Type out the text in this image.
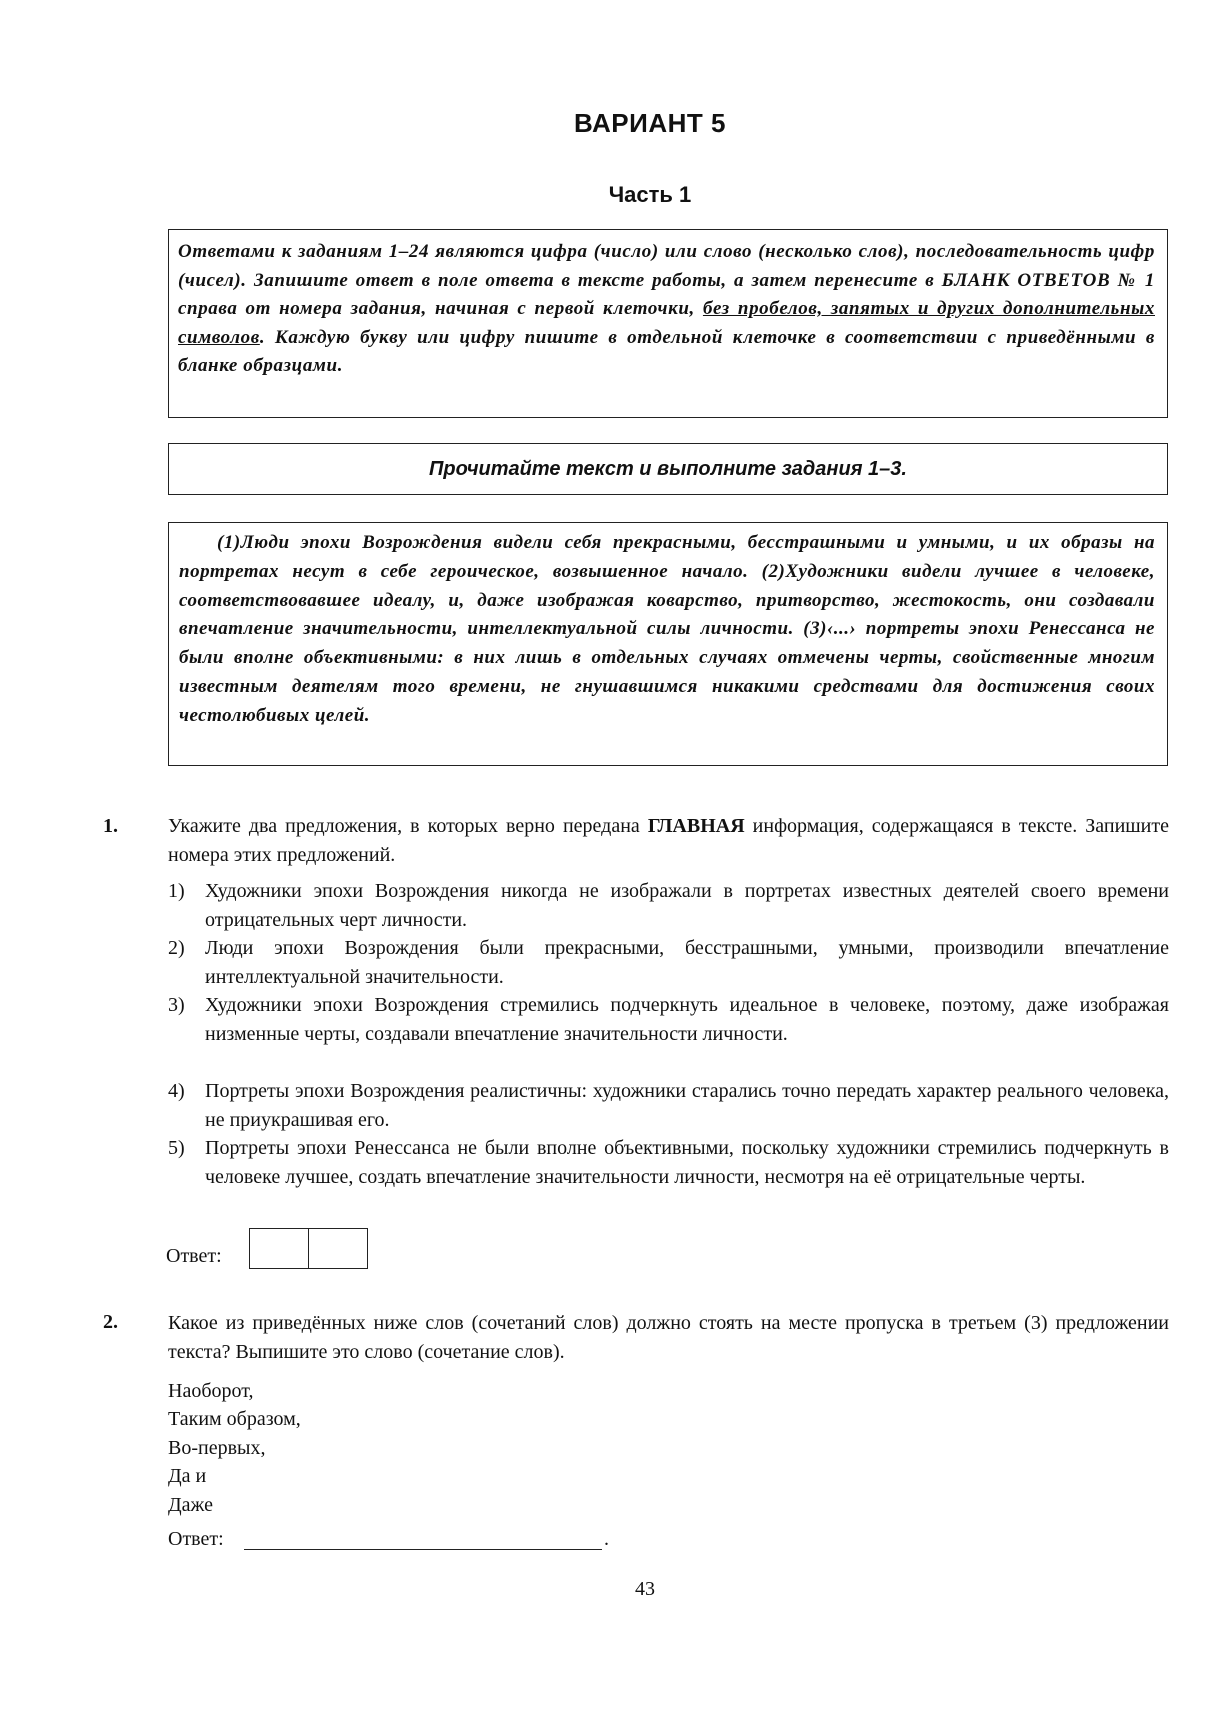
ВАРИАНТ 5
Часть 1
Ответами к заданиям 1–24 являются цифра (число) или слово (несколько слов), последовательность цифр (чисел). Запишите ответ в поле ответа в тексте работы, а затем перенесите в БЛАНК ОТВЕТОВ № 1 справа от номера задания, начиная с первой клеточки, без пробелов, запятых и других дополнительных символов. Каждую букву или цифру пишите в отдельной клеточке в соответствии с приведёнными в бланке образцами.
Прочитайте текст и выполните задания 1–3.
(1)Люди эпохи Возрождения видели себя прекрасными, бесстрашными и умными, и их образы на портретах несут в себе героическое, возвышенное начало. (2)Художники видели лучшее в человеке, соответствовавшее идеалу, и, даже изображая коварство, притворство, жестокость, они создавали впечатление значительности, интеллектуальной силы личности. (3)‹...› портреты эпохи Ренессанса не были вполне объективными: в них лишь в отдельных случаях отмечены черты, свойственные многим известным деятелям того времени, не гнушавшимся никакими средствами для достижения своих честолюбивых целей.
1.	Укажите два предложения, в которых верно передана ГЛАВНАЯ информация, содержащаяся в тексте. Запишите номера этих предложений.
1)	Художники эпохи Возрождения никогда не изображали в портретах известных деятелей своего времени отрицательных черт личности.
2)	Люди эпохи Возрождения были прекрасными, бесстрашными, умными, производили впечатление интеллектуальной значительности.
3)	Художники эпохи Возрождения стремились подчеркнуть идеальное в человеке, поэтому, даже изображая низменные черты, создавали впечатление значительности личности.
4)	Портреты эпохи Возрождения реалистичны: художники старались точно передать характер реального человека, не приукрашивая его.
5)	Портреты эпохи Ренессанса не были вполне объективными, поскольку художники стремились подчеркнуть в человеке лучшее, создать впечатление значительности личности, несмотря на её отрицательные черты.
Ответ:
2.	Какое из приведённых ниже слов (сочетаний слов) должно стоять на месте пропуска в третьем (3) предложении текста? Выпишите это слово (сочетание слов).
Наоборот,
Таким образом,
Во-первых,
Да и
Даже
Ответ:	.
43
